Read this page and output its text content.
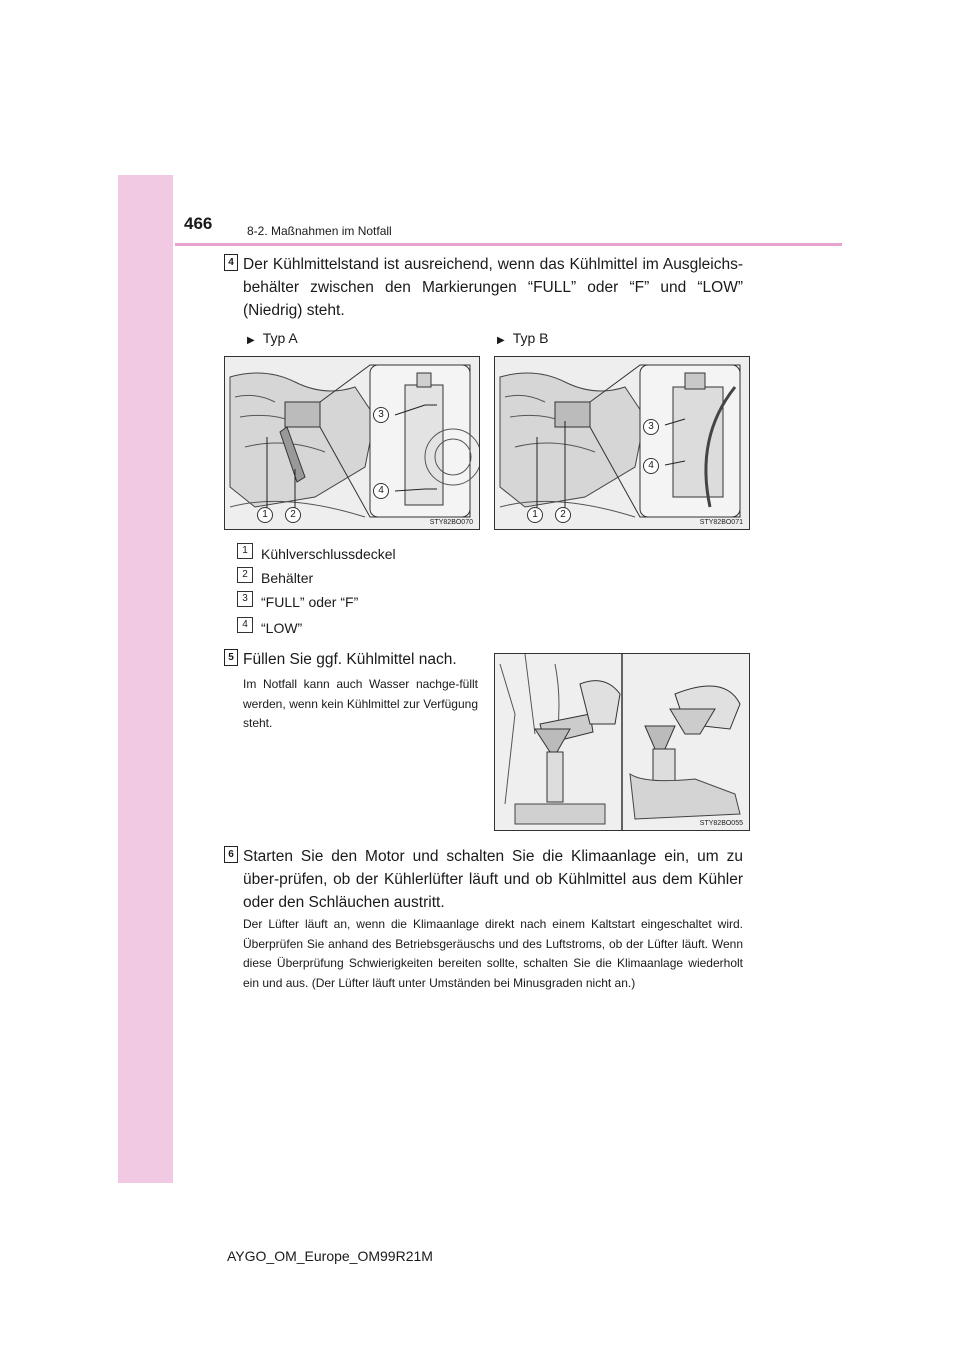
466	8-2. Maßnahmen im Notfall
4 Der Kühlmittelstand ist ausreichend, wenn das Kühlmittel im Ausgleichs-behälter zwischen den Markierungen “FULL” oder “F” und “LOW” (Niedrig) steht.
▶ Typ A	▶ Typ B
3
4
1	2
STY82BO070
3
4
1	2
STY82BO071
1 Kühlverschlussdeckel
2 Behälter
3 “FULL” oder “F”
4 “LOW”
5 Füllen Sie ggf. Kühlmittel nach.
Im Notfall kann auch Wasser nachge-füllt werden, wenn kein Kühlmittel zur Verfügung steht.
STY82BO055
6 Starten Sie den Motor und schalten Sie die Klimaanlage ein, um zu über-prüfen, ob der Kühlerlüfter läuft und ob Kühlmittel aus dem Kühler oder den Schläuchen austritt.
Der Lüfter läuft an, wenn die Klimaanlage direkt nach einem Kaltstart eingeschaltet wird. Überprüfen Sie anhand des Betriebsgeräuschs und des Luftstroms, ob der Lüfter läuft. Wenn diese Überprüfung Schwierigkeiten bereiten sollte, schalten Sie die Klimaanlage wiederholt ein und aus. (Der Lüfter läuft unter Umständen bei Minusgraden nicht an.)
AYGO_OM_Europe_OM99R21M
